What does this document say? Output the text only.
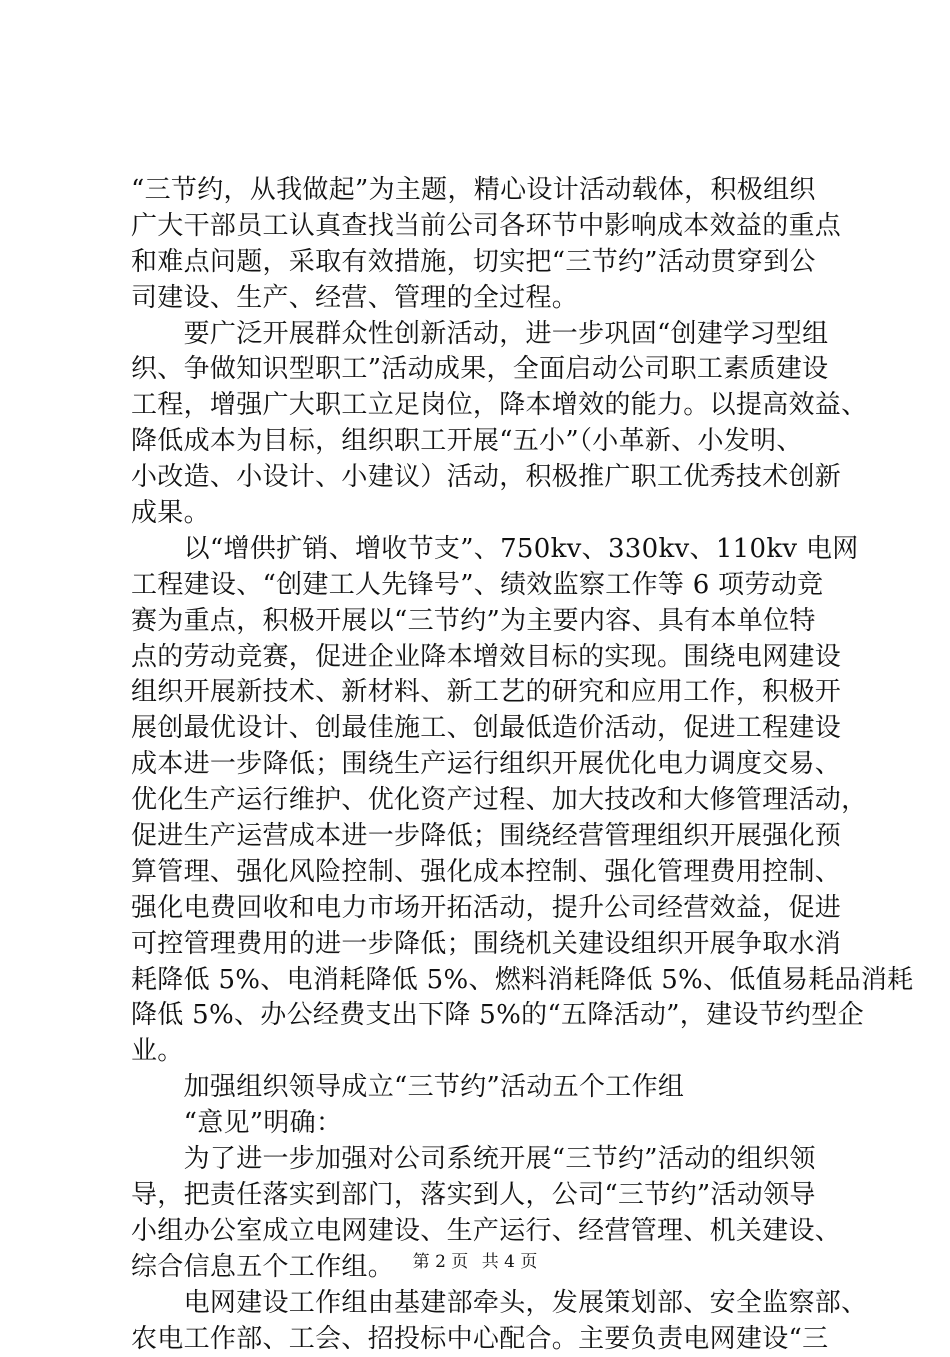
“三节约，从我做起”为主题，精心设计活动载体，积极组织
广大干部员工认真查找当前公司各环节中影响成本效益的重点
和难点问题，采取有效措施，切实把“三节约”活动贯穿到公
司建设、生产、经营、管理的全过程。
　　要广泛开展群众性创新活动，进一步巩固“创建学习型组
织、争做知识型职工”活动成果，全面启动公司职工素质建设
工程，增强广大职工立足岗位，降本增效的能力。以提高效益、
降低成本为目标，组织职工开展“五小”（小革新、小发明、
小改造、小设计、小建议）活动，积极推广职工优秀技术创新
成果。
　　以“增供扩销、增收节支”、750kv、330kv、110kv 电网
工程建设、“创建工人先锋号”、绩效监察工作等 6 项劳动竞
赛为重点，积极开展以“三节约”为主要内容、具有本单位特
点的劳动竞赛，促进企业降本增效目标的实现。围绕电网建设
组织开展新技术、新材料、新工艺的研究和应用工作，积极开
展创最优设计、创最佳施工、创最低造价活动，促进工程建设
成本进一步降低；围绕生产运行组织开展优化电力调度交易、
优化生产运行维护、优化资产过程、加大技改和大修管理活动，
促进生产运营成本进一步降低；围绕经营管理组织开展强化预
算管理、强化风险控制、强化成本控制、强化管理费用控制、
强化电费回收和电力市场开拓活动，提升公司经营效益，促进
可控管理费用的进一步降低；围绕机关建设组织开展争取水消
耗降低 5%、电消耗降低 5%、燃料消耗降低 5%、低值易耗品消耗
降低 5%、办公经费支出下降 5%的“五降活动”，建设节约型企
业。
　　加强组织领导成立“三节约”活动五个工作组
　　“意见”明确：
　　为了进一步加强对公司系统开展“三节约”活动的组织领
导，把责任落实到部门，落实到人，公司“三节约”活动领导
小组办公室成立电网建设、生产运行、经营管理、机关建设、
综合信息五个工作组。
　　电网建设工作组由基建部牵头，发展策划部、安全监察部、
农电工作部、工会、招投标中心配合。主要负责电网建设“三
第 2 页 共 4 页
